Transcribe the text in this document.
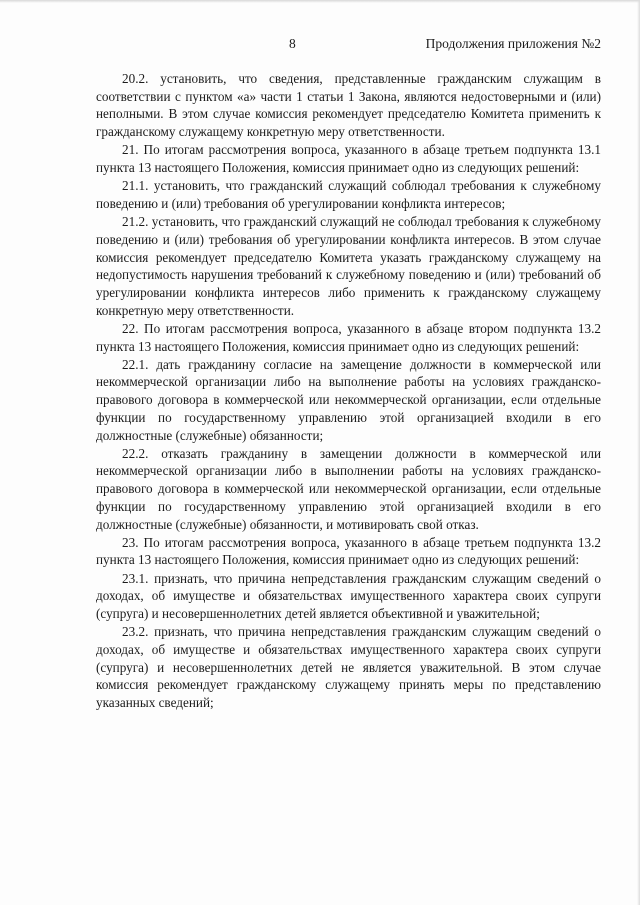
8	Продолжения приложения №2

20.2. установить, что сведения, представленные гражданским служащим в соответствии с пунктом «а» части 1 статьи 1 Закона, являются недостоверными и (или) неполными. В этом случае комиссия рекомендует председателю Комитета применить к гражданскому служащему конкретную меру ответственности.

21. По итогам рассмотрения вопроса, указанного в абзаце третьем подпункта 13.1 пункта 13 настоящего Положения, комиссия принимает одно из следующих решений:

21.1. установить, что гражданский служащий соблюдал требования к служебному поведению и (или) требования об урегулировании конфликта интересов;

21.2. установить, что гражданский служащий не соблюдал требования к служебному поведению и (или) требования об урегулировании конфликта интересов. В этом случае комиссия рекомендует председателю Комитета указать гражданскому служащему на недопустимость нарушения требований к служебному поведению и (или) требований об урегулировании конфликта интересов либо применить к гражданскому служащему конкретную меру ответственности.

22. По итогам рассмотрения вопроса, указанного в абзаце втором подпункта 13.2 пункта 13 настоящего Положения, комиссия принимает одно из следующих решений:

22.1. дать гражданину согласие на замещение должности в коммерческой или некоммерческой организации либо на выполнение работы на условиях гражданско-правового договора в коммерческой или некоммерческой организации, если отдельные функции по государственному управлению этой организацией входили в его должностные (служебные) обязанности;

22.2. отказать гражданину в замещении должности в коммерческой или некоммерческой организации либо в выполнении работы на условиях гражданско-правового договора в коммерческой или некоммерческой организации, если отдельные функции по государственному управлению этой организацией входили в его должностные (служебные) обязанности, и мотивировать свой отказ.

23. По итогам рассмотрения вопроса, указанного в абзаце третьем подпункта 13.2 пункта 13 настоящего Положения, комиссия принимает одно из следующих решений:

23.1. признать, что причина непредставления гражданским служащим сведений о доходах, об имуществе и обязательствах имущественного характера своих супруги (супруга) и несовершеннолетних детей является объективной и уважительной;

23.2. признать, что причина непредставления гражданским служащим сведений о доходах, об имуществе и обязательствах имущественного характера своих супруги (супруга) и несовершеннолетних детей не является уважительной. В этом случае комиссия рекомендует гражданскому служащему принять меры по представлению указанных сведений;
